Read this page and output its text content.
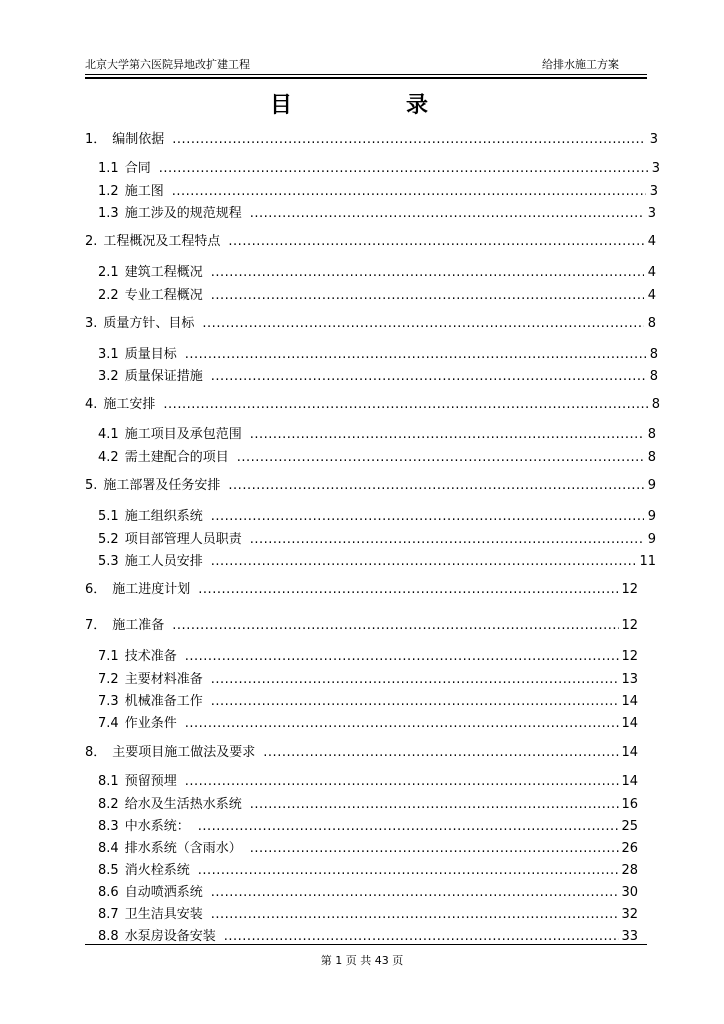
北京大学第六医院异地改扩建工程	给排水施工方案
目	录
1． 编制依据 .....	3
1.1 合同 .....	3
1.2 施工图 .....	3
1.3 施工涉及的规范规程 .....	3
2. 工程概况及工程特点 .....	4
2.1 建筑工程概况 .....	4
2.2 专业工程概况 .....	4
3. 质量方针、目标 .....	8
3.1 质量目标 .....	8
3.2 质量保证措施 .....	8
4. 施工安排 .....	8
4.1 施工项目及承包范围 .....	8
4.2 需土建配合的项目 .....	8
5. 施工部署及任务安排 .....	9
5.1 施工组织系统 .....	9
5.2 项目部管理人员职责 .....	9
5.3 施工人员安排 .....	11
6． 施工进度计划 .....	12
7． 施工准备 .....	12
7.1 技术准备 .....	12
7.2 主要材料准备 .....	13
7.3 机械准备工作 .....	14
7.4 作业条件 .....	14
8． 主要项目施工做法及要求 .....	14
8.1 预留预埋 .....	14
8.2 给水及生活热水系统 .....	16
8.3 中水系统： .....	25
8.4 排水系统（含雨水） .....	26
8.5 消火栓系统 .....	28
8.6 自动喷洒系统 .....	30
8.7 卫生洁具安装 .....	32
8.8 水泵房设备安装 .....	33
第 1 页 共 43 页
